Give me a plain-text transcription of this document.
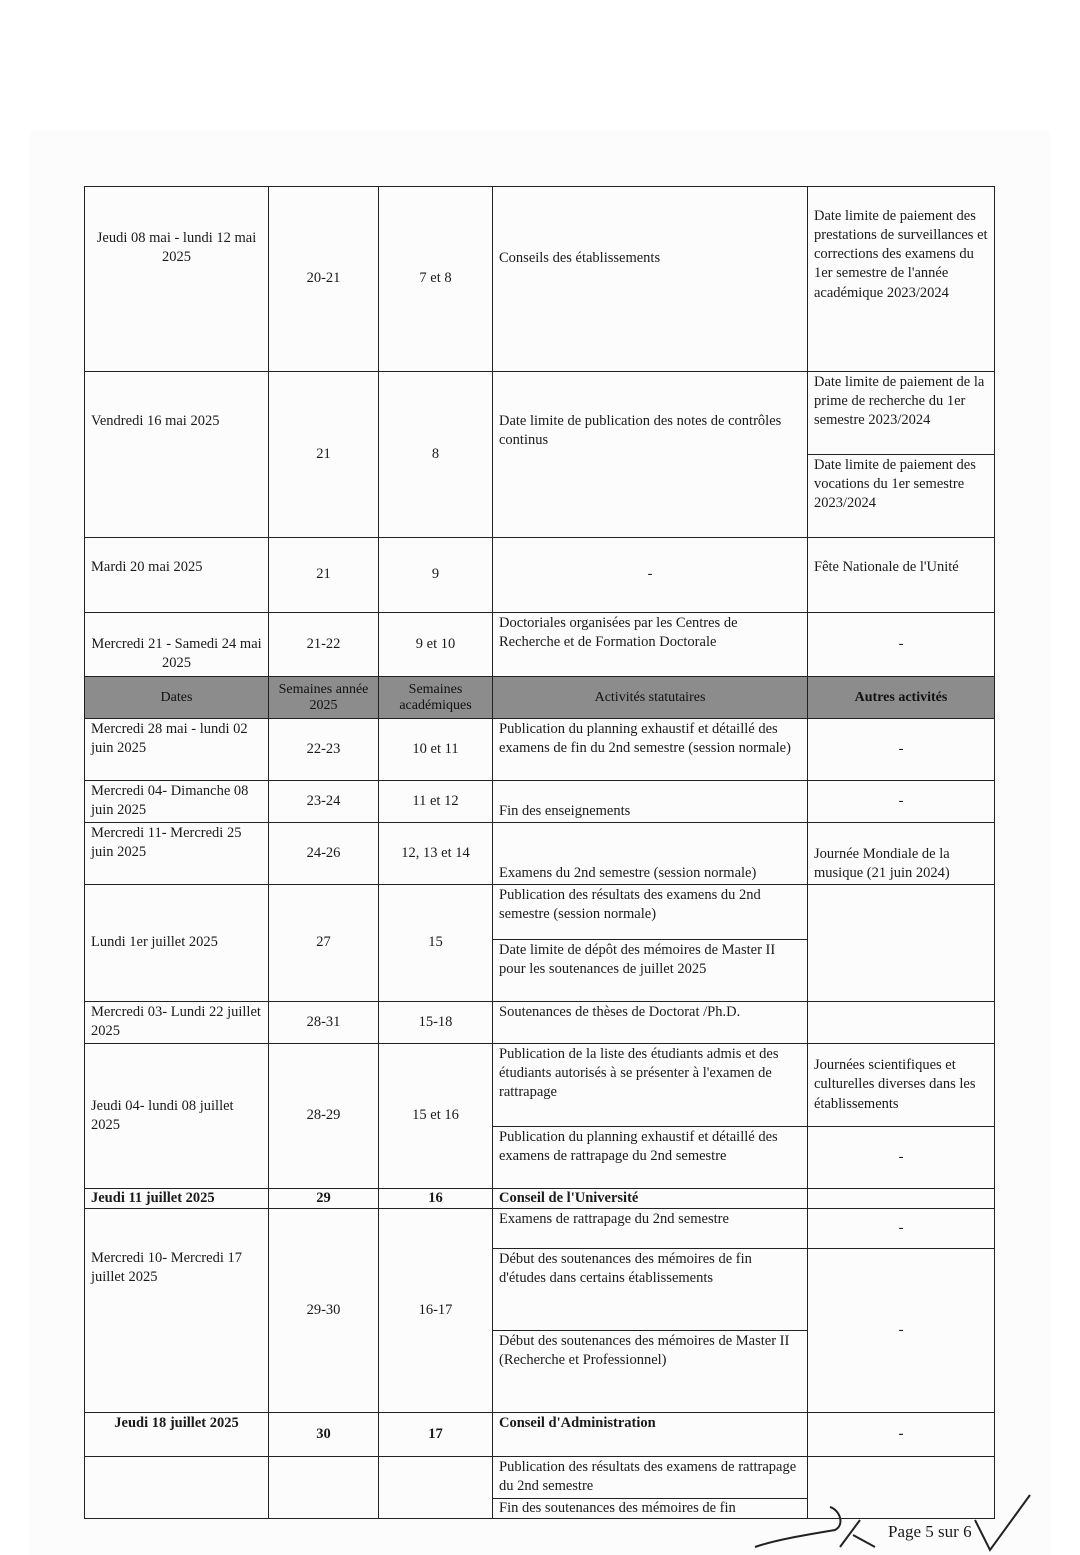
Jeudi 08 mai - lundi 12 mai 2025	20-21	7 et 8	Conseils des établissements	Date limite de paiement des prestations de surveillances et corrections des examens du 1er semestre de l'année académique 2023/2024
Vendredi 16 mai 2025	21	8	Date limite de publication des notes de contrôles continus	Date limite de paiement de la prime de recherche du 1er semestre 2023/2024
				Date limite de paiement des vocations du 1er semestre 2023/2024
Mardi 20 mai 2025	21	9	-	Fête Nationale de l'Unité
Mercredi 21 - Samedi 24 mai 2025	21-22	9 et 10	Doctoriales organisées par les Centres de Recherche et de Formation Doctorale	-
Dates	Semaines année 2025	Semaines académiques	Activités statutaires	Autres activités
Mercredi 28 mai - lundi 02 juin 2025	22-23	10 et 11	Publication du planning exhaustif et détaillé des examens de fin du 2nd semestre (session normale)	-
Mercredi 04- Dimanche 08 juin 2025	23-24	11 et 12	Fin des enseignements	-
Mercredi 11- Mercredi 25 juin 2025	24-26	12, 13 et 14	Examens du 2nd semestre (session normale)	Journée Mondiale de la musique (21 juin 2024)
Lundi 1er juillet 2025	27	15	Publication des résultats des examens du 2nd semestre (session normale)	
			Date limite de dépôt des mémoires de Master II pour les soutenances de juillet 2025	
Mercredi 03- Lundi 22 juillet 2025	28-31	15-18	Soutenances de thèses de Doctorat /Ph.D.	
Jeudi 04- lundi 08 juillet 2025	28-29	15 et 16	Publication de la liste des étudiants admis et des étudiants autorisés à se présenter à l'examen de rattrapage	Journées scientifiques et culturelles diverses dans les établissements
			Publication du planning exhaustif et détaillé des examens de rattrapage du 2nd semestre	-
Jeudi 11 juillet 2025	29	16	Conseil de l'Université	
Mercredi 10- Mercredi 17 juillet 2025	29-30	16-17	Examens de rattrapage du 2nd semestre	-
			Début des soutenances des mémoires de fin d'études dans certains établissements	-
			Début des soutenances des mémoires de Master II (Recherche et Professionnel)	
Jeudi 18 juillet 2025	30	17	Conseil d'Administration	-
			Publication des résultats des examens de rattrapage du 2nd semestre	
			Fin des soutenances des mémoires de fin	
Page 5 sur 6
